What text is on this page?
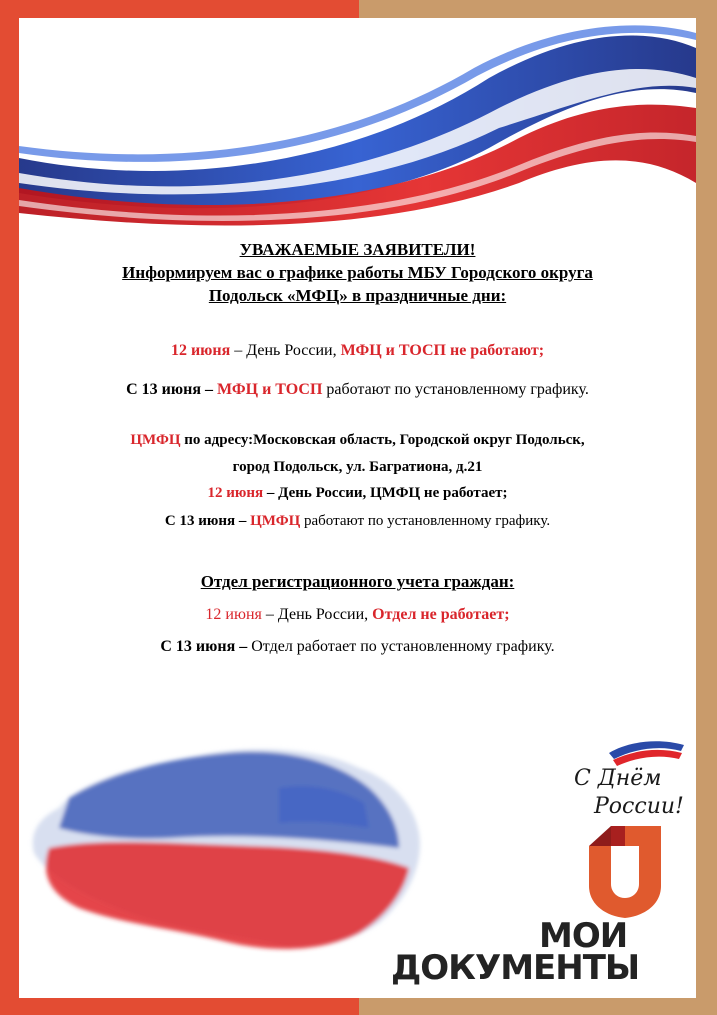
УВАЖАЕМЫЕ ЗАЯВИТЕЛИ!
Информируем вас о графике работы МБУ Городского округа
Подольск «МФЦ» в праздничные дни:
12 июня – День России, МФЦ и ТОСП не работают;
С 13 июня – МФЦ и ТОСП работают по установленному графику.
ЦМФЦ по адресу:Московская область, Городской округ Подольск,
город Подольск, ул. Багратиона, д.21
12 июня – День России, ЦМФЦ не работает;
С 13 июня – ЦМФЦ работают по установленному графику.
Отдел регистрационного учета граждан:
12 июня – День России, Отдел не работает;
С 13 июня – Отдел работает по установленному графику.
С Днём
России!
МОИ
ДОКУМЕНТЫ
